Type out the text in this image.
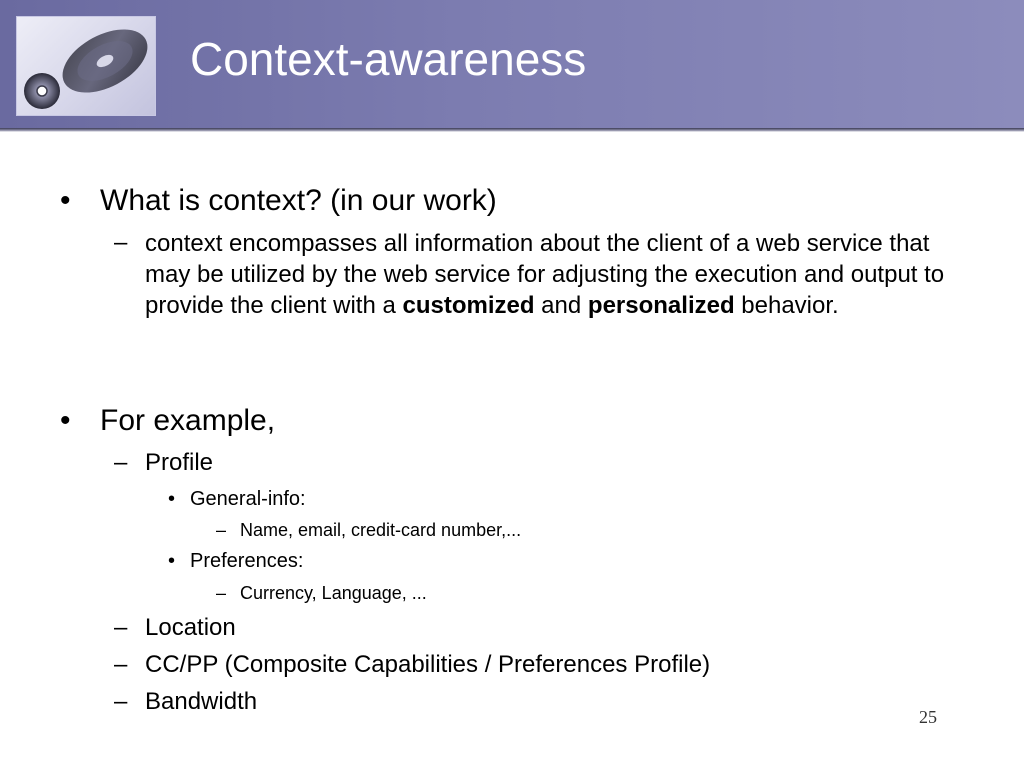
Context-awareness
• What is context? (in our work)
– context encompasses all information about the client of a web service that may be utilized by the web service for adjusting the execution and output to provide the client with a customized and personalized behavior.
• For example,
– Profile
• General-info:
– Name, email, credit-card number,...
• Preferences:
– Currency, Language, ...
– Location
– CC/PP (Composite Capabilities / Preferences Profile)
– Bandwidth
25
